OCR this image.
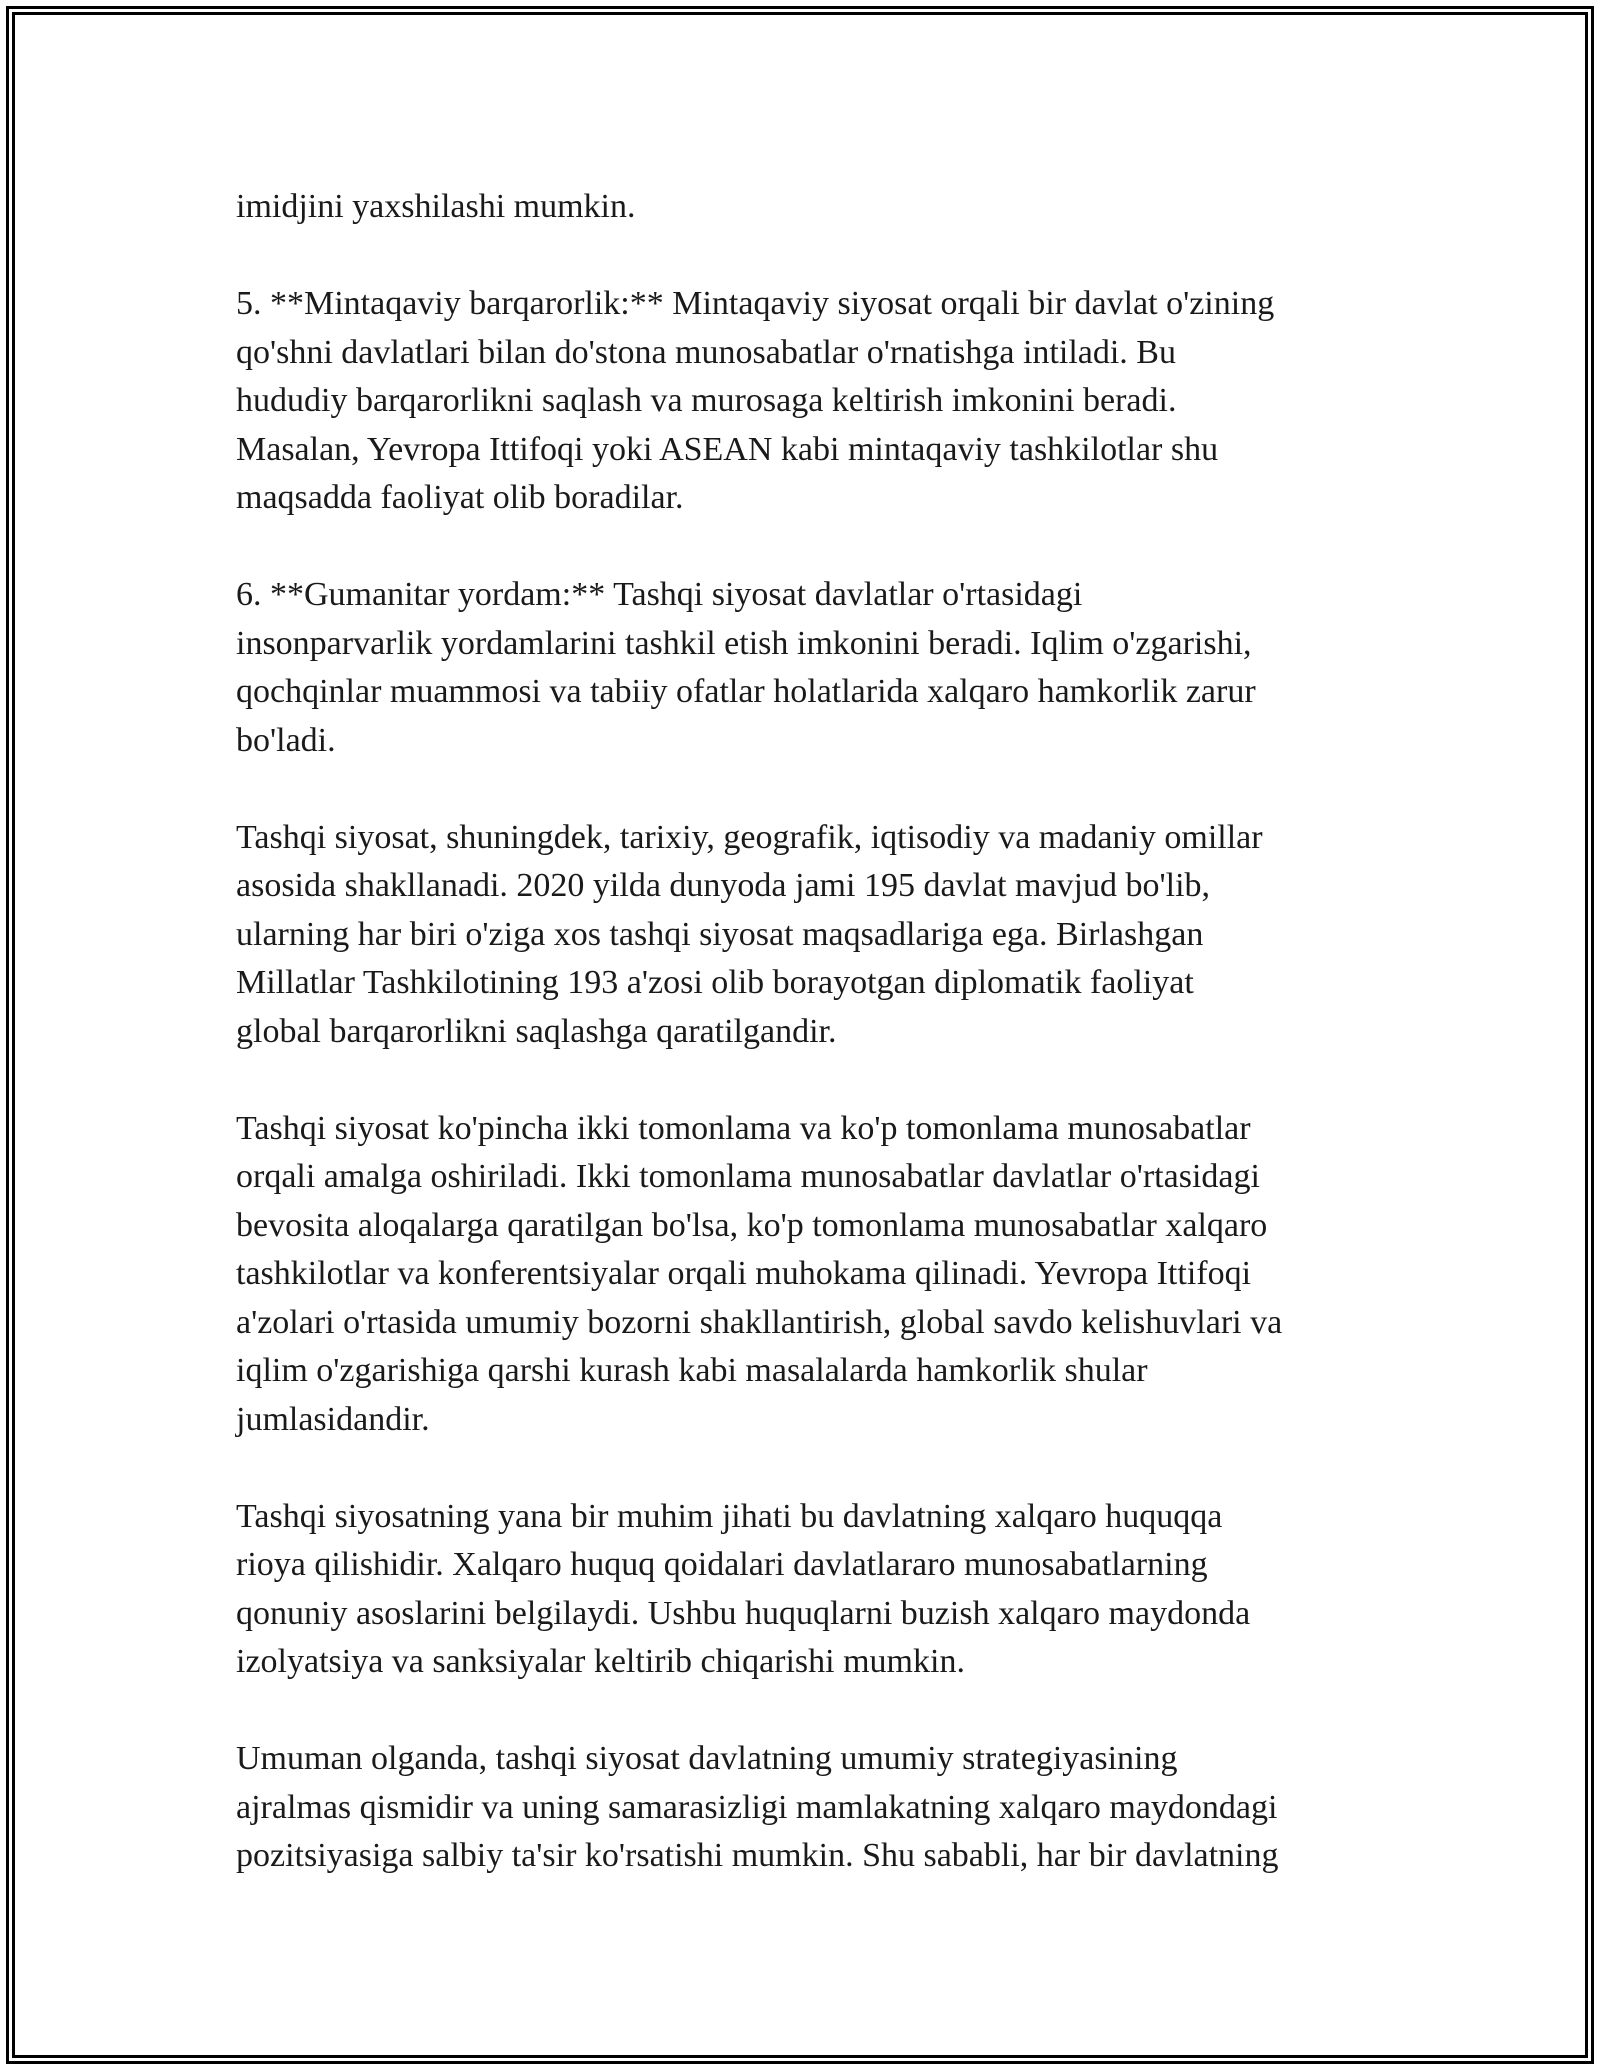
imidjini yaxshilashi mumkin.

5. **Mintaqaviy barqarorlik:** Mintaqaviy siyosat orqali bir davlat o'zining
qo'shni davlatlari bilan do'stona munosabatlar o'rnatishga intiladi. Bu
hududiy barqarorlikni saqlash va murosaga keltirish imkonini beradi.
Masalan, Yevropa Ittifoqi yoki ASEAN kabi mintaqaviy tashkilotlar shu
maqsadda faoliyat olib boradilar.

6. **Gumanitar yordam:** Tashqi siyosat davlatlar o'rtasidagi
insonparvarlik yordamlarini tashkil etish imkonini beradi. Iqlim o'zgarishi,
qochqinlar muammosi va tabiiy ofatlar holatlarida xalqaro hamkorlik zarur
bo'ladi.

Tashqi siyosat, shuningdek, tarixiy, geografik, iqtisodiy va madaniy omillar
asosida shakllanadi. 2020 yilda dunyoda jami 195 davlat mavjud bo'lib,
ularning har biri o'ziga xos tashqi siyosat maqsadlariga ega. Birlashgan
Millatlar Tashkilotining 193 a'zosi olib borayotgan diplomatik faoliyat
global barqarorlikni saqlashga qaratilgandir.

Tashqi siyosat ko'pincha ikki tomonlama va ko'p tomonlama munosabatlar
orqali amalga oshiriladi. Ikki tomonlama munosabatlar davlatlar o'rtasidagi
bevosita aloqalarga qaratilgan bo'lsa, ko'p tomonlama munosabatlar xalqaro
tashkilotlar va konferentsiyalar orqali muhokama qilinadi. Yevropa Ittifoqi
a'zolari o'rtasida umumiy bozorni shakllantirish, global savdo kelishuvlari va
iqlim o'zgarishiga qarshi kurash kabi masalalarda hamkorlik shular
jumlasidandir.

Tashqi siyosatning yana bir muhim jihati bu davlatning xalqaro huquqqa
rioya qilishidir. Xalqaro huquq qoidalari davlatlararo munosabatlarning
qonuniy asoslarini belgilaydi. Ushbu huquqlarni buzish xalqaro maydonda
izolyatsiya va sanksiyalar keltirib chiqarishi mumkin.

Umuman olganda, tashqi siyosat davlatning umumiy strategiyasining
ajralmas qismidir va uning samarasizligi mamlakatning xalqaro maydondagi
pozitsiyasiga salbiy ta'sir ko'rsatishi mumkin. Shu sababli, har bir davlatning
